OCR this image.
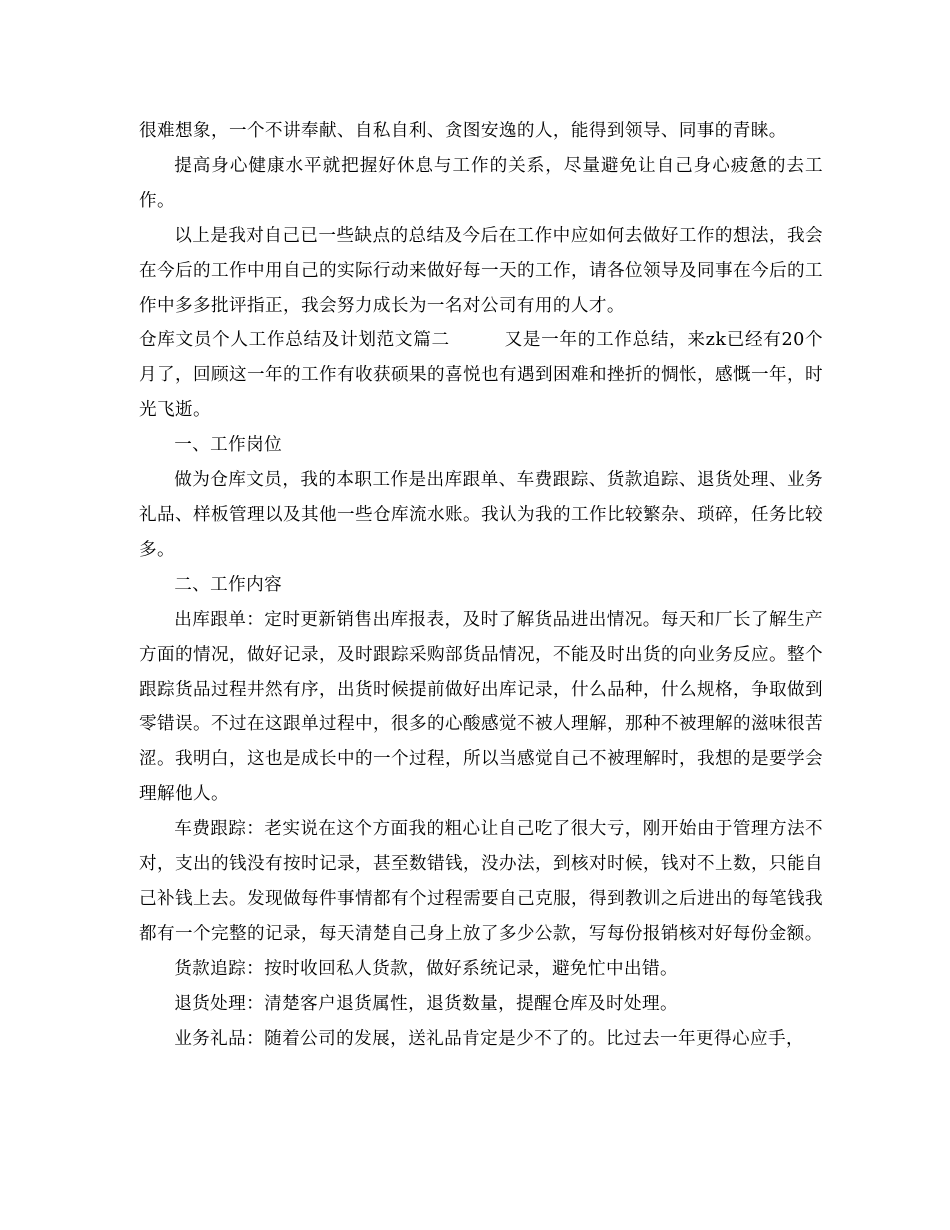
很难想象，一个不讲奉献、自私自利、贪图安逸的人，能得到领导、同事的青睐。

提高身心健康水平就把握好休息与工作的关系，尽量避免让自己身心疲惫的去工作。

以上是我对自己已一些缺点的总结及今后在工作中应如何去做好工作的想法，我会在今后的工作中用自己的实际行动来做好每一天的工作，请各位领导及同事在今后的工作中多多批评指正，我会努力成长为一名对公司有用的人才。

仓库文员个人工作总结及计划范文篇二　　　又是一年的工作总结，来zk已经有20个月了，回顾这一年的工作有收获硕果的喜悦也有遇到困难和挫折的惆怅，感慨一年，时光飞逝。

一、工作岗位

做为仓库文员，我的本职工作是出库跟单、车费跟踪、货款追踪、退货处理、业务礼品、样板管理以及其他一些仓库流水账。我认为我的工作比较繁杂、琐碎，任务比较多。

二、工作内容

出库跟单：定时更新销售出库报表，及时了解货品进出情况。每天和厂长了解生产方面的情况，做好记录，及时跟踪采购部货品情况，不能及时出货的向业务反应。整个跟踪货品过程井然有序，出货时候提前做好出库记录，什么品种，什么规格，争取做到零错误。不过在这跟单过程中，很多的心酸感觉不被人理解，那种不被理解的滋味很苦涩。我明白，这也是成长中的一个过程，所以当感觉自己不被理解时，我想的是要学会理解他人。

车费跟踪：老实说在这个方面我的粗心让自己吃了很大亏，刚开始由于管理方法不对，支出的钱没有按时记录，甚至数错钱，没办法，到核对时候，钱对不上数，只能自己补钱上去。发现做每件事情都有个过程需要自己克服，得到教训之后进出的每笔钱我都有一个完整的记录，每天清楚自己身上放了多少公款，写每份报销核对好每份金额。

货款追踪：按时收回私人货款，做好系统记录，避免忙中出错。

退货处理：清楚客户退货属性，退货数量，提醒仓库及时处理。

业务礼品：随着公司的发展，送礼品肯定是少不了的。比过去一年更得心应手，
